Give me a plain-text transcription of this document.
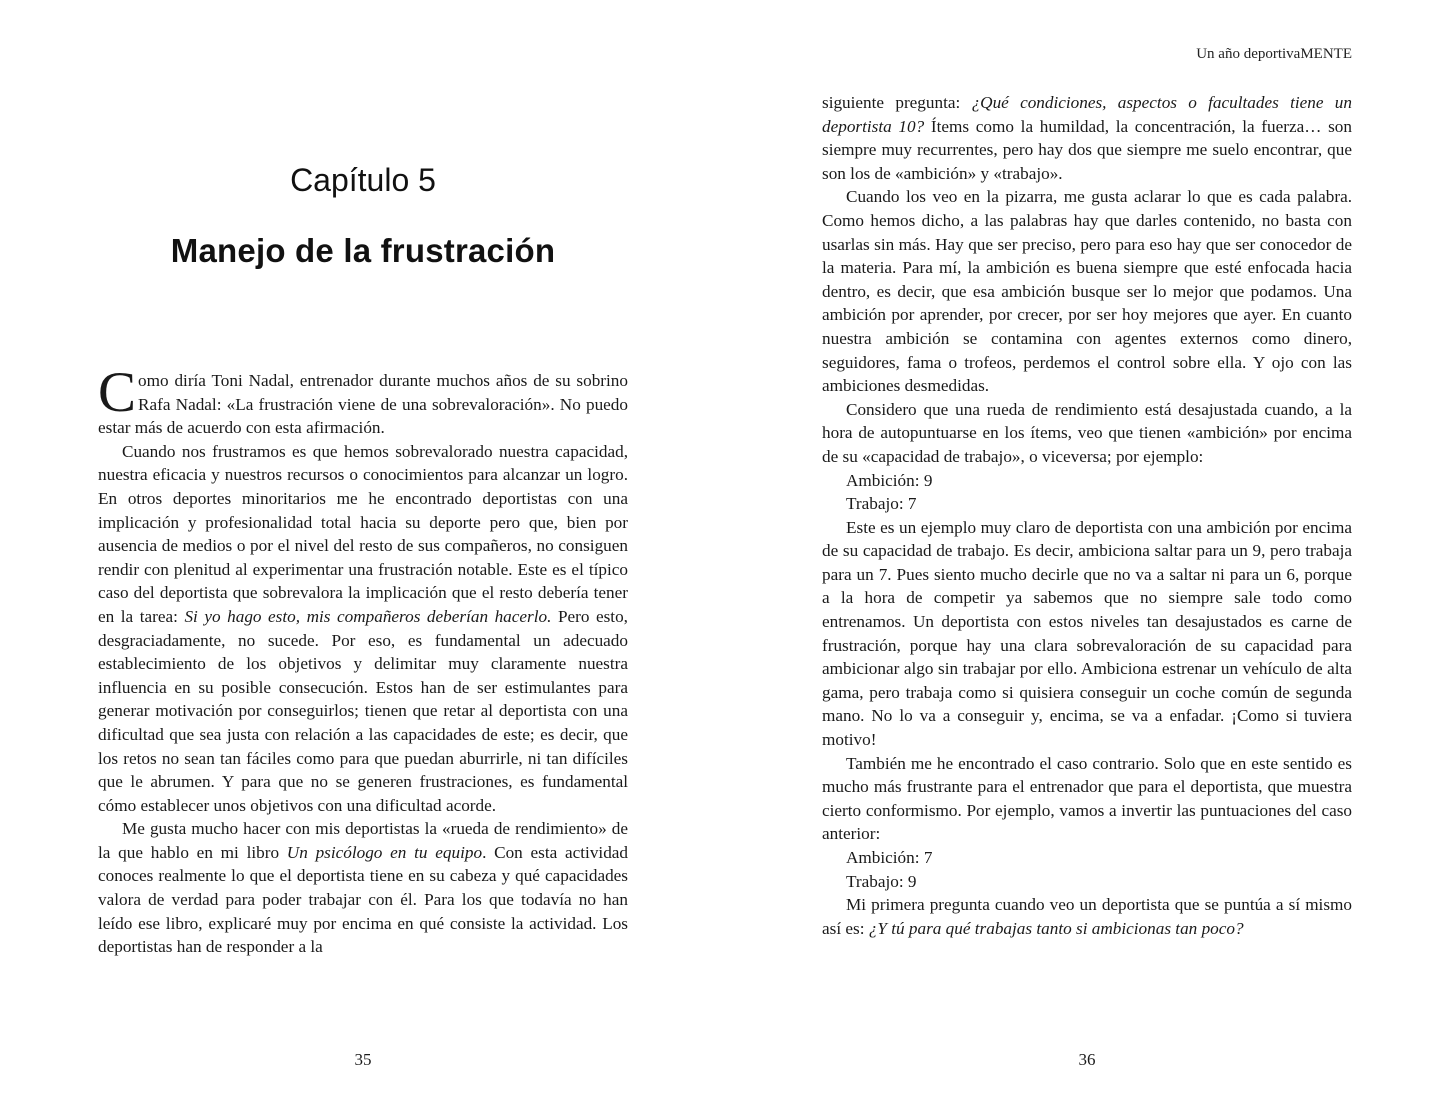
Capítulo 5
Manejo de la frustración

Como diría Toni Nadal, entrenador durante muchos años de su sobrino Rafa Nadal: «La frustración viene de una sobrevaloración». No puedo estar más de acuerdo con esta afirmación.

Cuando nos frustramos es que hemos sobrevalorado nuestra capacidad, nuestra eficacia y nuestros recursos o conocimientos para alcanzar un logro. En otros deportes minoritarios me he encontrado deportistas con una implicación y profesionalidad total hacia su deporte pero que, bien por ausencia de medios o por el nivel del resto de sus compañeros, no consiguen rendir con plenitud al experimentar una frustración notable. Este es el típico caso del deportista que sobrevalora la implicación que el resto debería tener en la tarea: Si yo hago esto, mis compañeros deberían hacerlo. Pero esto, desgraciadamente, no sucede. Por eso, es fundamental un adecuado establecimiento de los objetivos y delimitar muy claramente nuestra influencia en su posible consecución. Estos han de ser estimulantes para generar motivación por conseguirlos; tienen que retar al deportista con una dificultad que sea justa con relación a las capacidades de este; es decir, que los retos no sean tan fáciles como para que puedan aburrirle, ni tan difíciles que le abrumen. Y para que no se generen frustraciones, es fundamental cómo establecer unos objetivos con una dificultad acorde.

Me gusta mucho hacer con mis deportistas la «rueda de rendimiento» de la que hablo en mi libro Un psicólogo en tu equipo. Con esta actividad conoces realmente lo que el deportista tiene en su cabeza y qué capacidades valora de verdad para poder trabajar con él. Para los que todavía no han leído ese libro, explicaré muy por encima en qué consiste la actividad. Los deportistas han de responder a la

35
Un año deportivaMENTE

siguiente pregunta: ¿Qué condiciones, aspectos o facultades tiene un deportista 10? Ítems como la humildad, la concentración, la fuerza… son siempre muy recurrentes, pero hay dos que siempre me suelo encontrar, que son los de «ambición» y «trabajo».

Cuando los veo en la pizarra, me gusta aclarar lo que es cada palabra. Como hemos dicho, a las palabras hay que darles contenido, no basta con usarlas sin más. Hay que ser preciso, pero para eso hay que ser conocedor de la materia. Para mí, la ambición es buena siempre que esté enfocada hacia dentro, es decir, que esa ambición busque ser lo mejor que podamos. Una ambición por aprender, por crecer, por ser hoy mejores que ayer. En cuanto nuestra ambición se contamina con agentes externos como dinero, seguidores, fama o trofeos, perdemos el control sobre ella. Y ojo con las ambiciones desmedidas.

Considero que una rueda de rendimiento está desajustada cuando, a la hora de autopuntuarse en los ítems, veo que tienen «ambición» por encima de su «capacidad de trabajo», o viceversa; por ejemplo:

Ambición: 9

Trabajo: 7

Este es un ejemplo muy claro de deportista con una ambición por encima de su capacidad de trabajo. Es decir, ambiciona saltar para un 9, pero trabaja para un 7. Pues siento mucho decirle que no va a saltar ni para un 6, porque a la hora de competir ya sabemos que no siempre sale todo como entrenamos. Un deportista con estos niveles tan desajustados es carne de frustración, porque hay una clara sobrevaloración de su capacidad para ambicionar algo sin trabajar por ello. Ambiciona estrenar un vehículo de alta gama, pero trabaja como si quisiera conseguir un coche común de segunda mano. No lo va a conseguir y, encima, se va a enfadar. ¡Como si tuviera motivo!

También me he encontrado el caso contrario. Solo que en este sentido es mucho más frustrante para el entrenador que para el deportista, que muestra cierto conformismo. Por ejemplo, vamos a invertir las puntuaciones del caso anterior:

Ambición: 7

Trabajo: 9

Mi primera pregunta cuando veo un deportista que se puntúa a sí mismo así es: ¿Y tú para qué trabajas tanto si ambicionas tan poco?

36
